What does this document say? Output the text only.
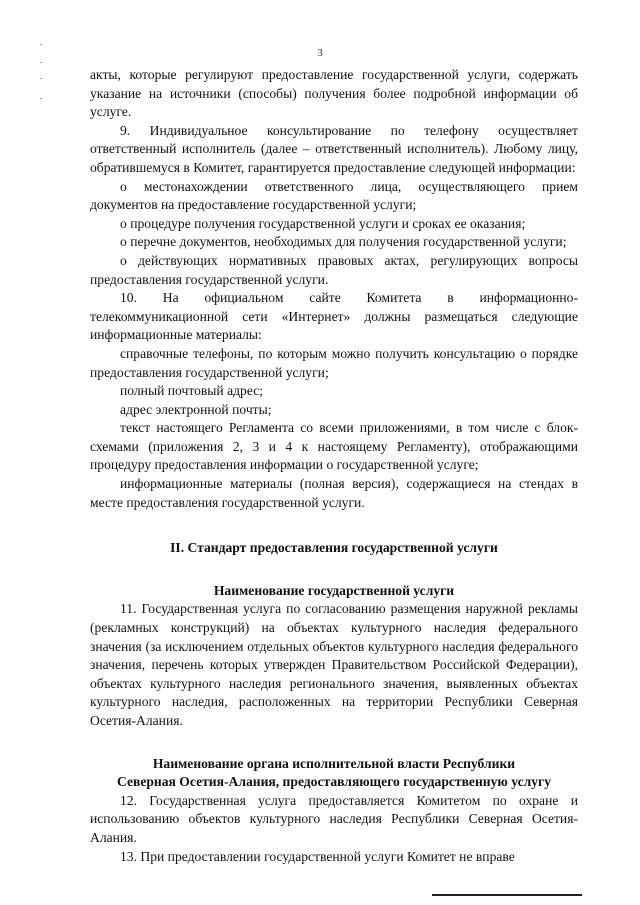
3

акты, которые регулируют предоставление государственной услуги, содержать указание на источники (способы) получения более подробной информации об услуге.

9. Индивидуальное консультирование по телефону осуществляет ответственный исполнитель (далее – ответственный исполнитель). Любому лицу, обратившемуся в Комитет, гарантируется предоставление следующей информации:

о местонахождении ответственного лица, осуществляющего прием документов на предоставление государственной услуги;

о процедуре получения государственной услуги и сроках ее оказания;

о перечне документов, необходимых для получения государственной услуги;

о действующих нормативных правовых актах, регулирующих вопросы предоставления государственной услуги.

10. На официальном сайте Комитета в информационно-телекоммуникационной сети «Интернет» должны размещаться следующие информационные материалы:

справочные телефоны, по которым можно получить консультацию о порядке предоставления государственной услуги;

полный почтовый адрес;

адрес электронной почты;

текст настоящего Регламента со всеми приложениями, в том числе с блок-схемами (приложения 2, 3 и 4 к настоящему Регламенту), отображающими процедуру предоставления информации о государственной услуге;

информационные материалы (полная версия), содержащиеся на стендах в месте предоставления государственной услуги.

II. Стандарт предоставления государственной услуги

Наименование государственной услуги

11. Государственная услуга по согласованию размещения наружной рекламы (рекламных конструкций) на объектах культурного наследия федерального значения (за исключением отдельных объектов культурного наследия федерального значения, перечень которых утвержден Правительством Российской Федерации), объектах культурного наследия регионального значения, выявленных объектах культурного наследия, расположенных на территории Республики Северная Осетия-Алания.

Наименование органа исполнительной власти Республики

Северная Осетия-Алания, предоставляющего государственную услугу

12. Государственная услуга предоставляется Комитетом по охране и использованию объектов культурного наследия Республики Северная Осетия-Алания.

13. При предоставлении государственной услуги Комитет не вправе
